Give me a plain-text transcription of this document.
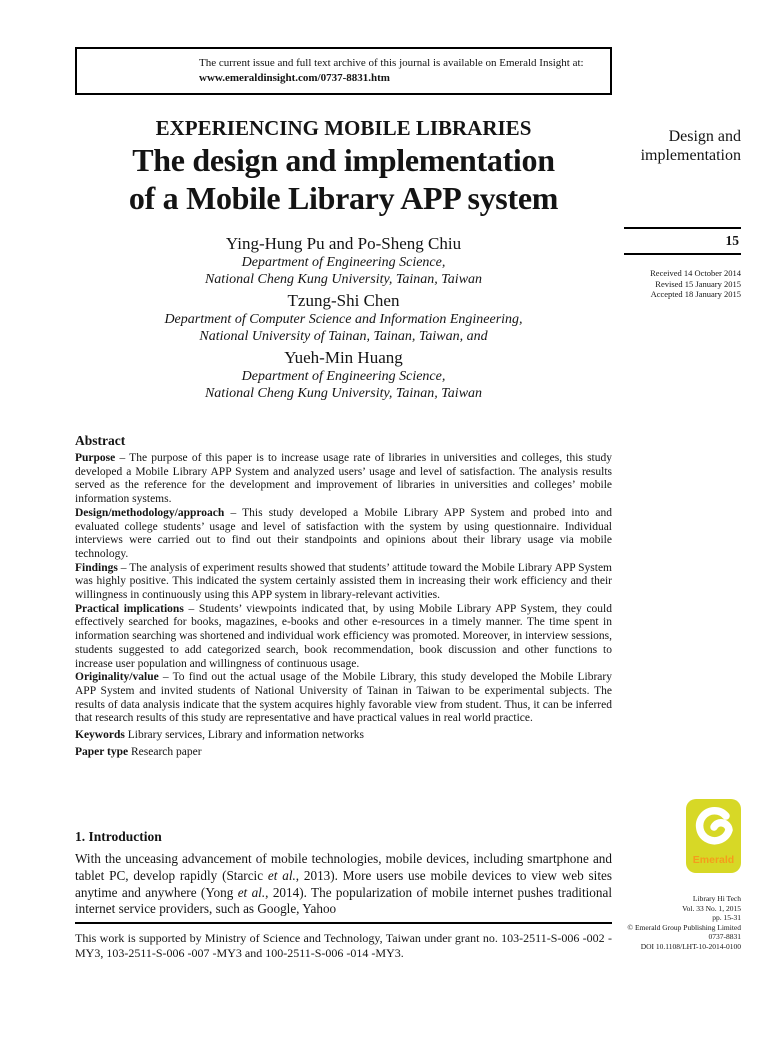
The current issue and full text archive of this journal is available on Emerald Insight at:
www.emeraldinsight.com/0737-8831.htm
EXPERIENCING MOBILE LIBRARIES
The design and implementation
of a Mobile Library APP system
Design and
implementation
Ying-Hung Pu and Po-Sheng Chiu
Department of Engineering Science,
National Cheng Kung University, Tainan, Taiwan
Tzung-Shi Chen
Department of Computer Science and Information Engineering,
National University of Tainan, Tainan, Taiwan, and
Yueh-Min Huang
Department of Engineering Science,
National Cheng Kung University, Tainan, Taiwan
15
Received 14 October 2014
Revised 15 January 2015
Accepted 18 January 2015
Abstract

Purpose – The purpose of this paper is to increase usage rate of libraries in universities and colleges, this study developed a Mobile Library APP System and analyzed users’ usage and level of satisfaction. The analysis results served as the reference for the development and improvement of libraries in universities and colleges’ mobile information systems.

Design/methodology/approach – This study developed a Mobile Library APP System and probed into and evaluated college students’ usage and level of satisfaction with the system by using questionnaire. Individual interviews were carried out to find out their standpoints and opinions about their library usage via mobile technology.

Findings – The analysis of experiment results showed that students’ attitude toward the Mobile Library APP System was highly positive. This indicated the system certainly assisted them in increasing their work efficiency and their willingness in continuously using this APP system in library-relevant activities.

Practical implications – Students’ viewpoints indicated that, by using Mobile Library APP System, they could effectively searched for books, magazines, e-books and other e-resources in a timely manner. The time spent in information searching was shortened and individual work efficiency was promoted. Moreover, in interview sessions, students suggested to add categorized search, book recommendation, book discussion and other functions to increase user population and willingness of continuous usage.

Originality/value – To find out the actual usage of the Mobile Library, this study developed the Mobile Library APP System and invited students of National University of Tainan in Taiwan to be experimental subjects. The results of data analysis indicate that the system acquires highly favorable view from student. Thus, it can be inferred that research results of this study are representative and have practical values in real world practice.

Keywords Library services, Library and information networks

Paper type Research paper

1. Introduction

With the unceasing advancement of mobile technologies, mobile devices, including smartphone and tablet PC, develop rapidly (Starcic et al., 2013). More users use mobile devices to view web sites anytime and anywhere (Yong et al., 2014). The popularization of mobile internet pushes traditional internet service providers, such as Google, Yahoo

This work is supported by Ministry of Science and Technology, Taiwan under grant no. 103-2511-S-006 -002 -MY3, 103-2511-S-006 -007 -MY3 and 100-2511-S-006 -014 -MY3.
Emerald
Library Hi Tech
Vol. 33 No. 1, 2015
pp. 15-31
© Emerald Group Publishing Limited
0737-8831
DOI 10.1108/LHT-10-2014-0100
